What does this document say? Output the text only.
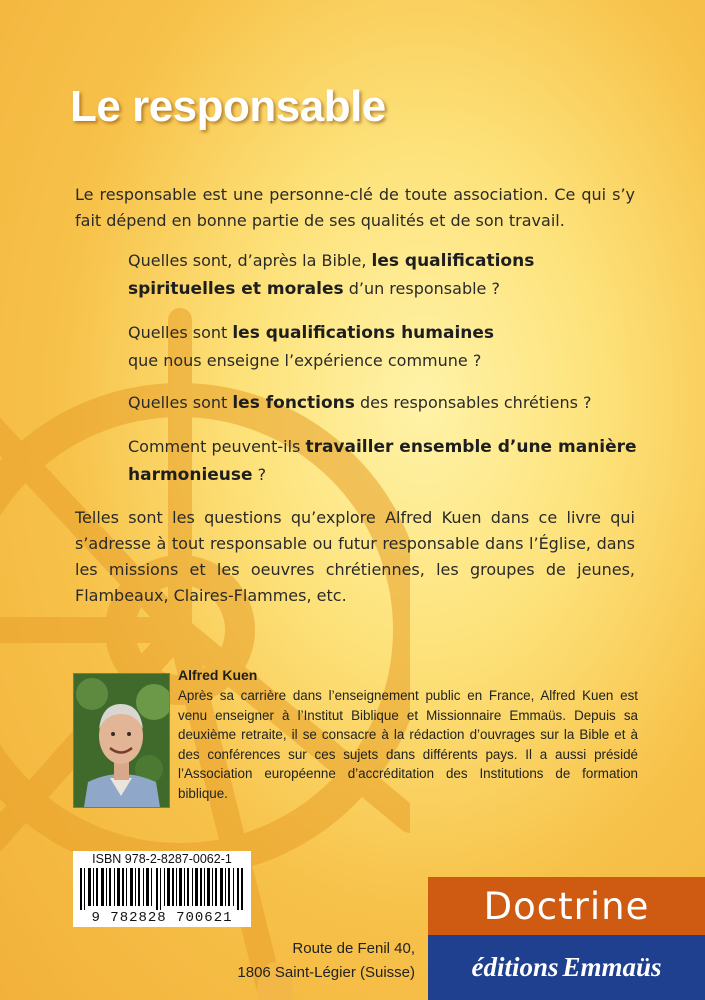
Le responsable

Le responsable est une personne-clé de toute association. Ce qui s’y fait dépend en bonne partie de ses qualités et de son travail.

Quelles sont, d’après la Bible, les qualifications spirituelles et morales d’un responsable ?

Quelles sont les qualifications humaines que nous enseigne l’expérience commune ?

Quelles sont les fonctions des responsables chrétiens ?

Comment peuvent-ils travailler ensemble d’une manière harmonieuse ?

Telles sont les questions qu’explore Alfred Kuen dans ce livre qui s’adresse à tout responsable ou futur responsable dans l’Église, dans les missions et les oeuvres chrétiennes, les groupes de jeunes, Flambeaux, Claires-Flammes, etc.

Alfred Kuen

Après sa carrière dans l’enseignement public en France, Alfred Kuen est venu enseigner à l’Institut Biblique et Missionnaire Emmaüs. Depuis sa deuxième retraite, il se consacre à la rédaction d’ouvrages sur la Bible et à des conférences sur ces sujets dans différents pays. Il a aussi présidé l’Association européenne d’accréditation des Institutions de formation biblique.

ISBN 978-2-8287-0062-1
9 782828 700621
Route de Fenil 40,
1806 Saint-Légier (Suisse)
Doctrine
éditions Emmaüs
